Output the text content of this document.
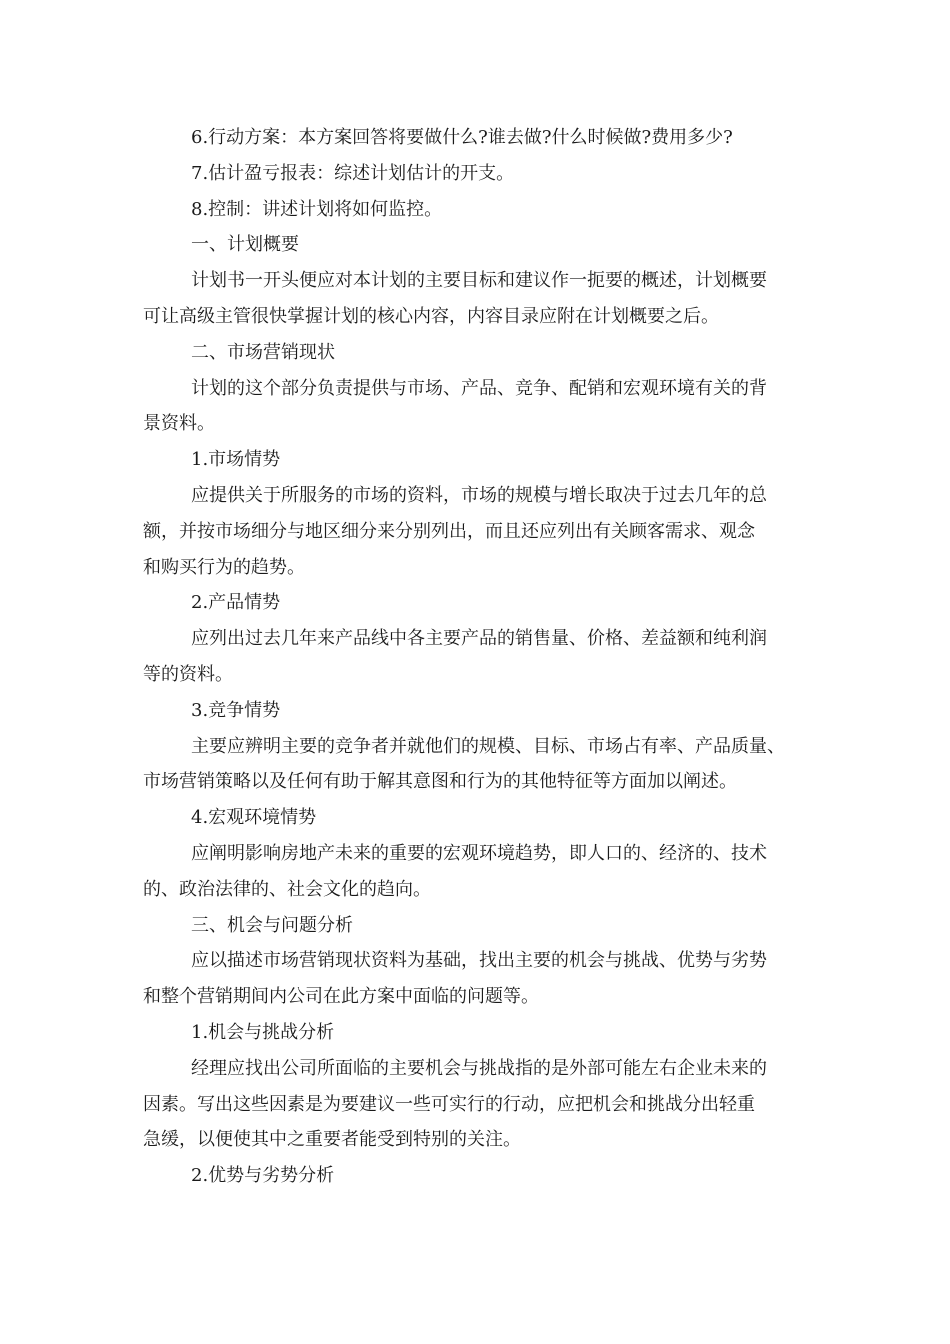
6.行动方案：本方案回答将要做什么?谁去做?什么时候做?费用多少?
7.估计盈亏报表：综述计划估计的开支。
8.控制：讲述计划将如何监控。
一、计划概要
计划书一开头便应对本计划的主要目标和建议作一扼要的概述，计划概要
可让高级主管很快掌握计划的核心内容，内容目录应附在计划概要之后。
二、市场营销现状
计划的这个部分负责提供与市场、产品、竞争、配销和宏观环境有关的背
景资料。
1.市场情势
应提供关于所服务的市场的资料，市场的规模与增长取决于过去几年的总
额，并按市场细分与地区细分来分别列出，而且还应列出有关顾客需求、观念
和购买行为的趋势。
2.产品情势
应列出过去几年来产品线中各主要产品的销售量、价格、差益额和纯利润
等的资料。
3.竞争情势
主要应辨明主要的竞争者并就他们的规模、目标、市场占有率、产品质量、
市场营销策略以及任何有助于解其意图和行为的其他特征等方面加以阐述。
4.宏观环境情势
应阐明影响房地产未来的重要的宏观环境趋势，即人口的、经济的、技术
的、政治法律的、社会文化的趋向。
三、机会与问题分析
应以描述市场营销现状资料为基础，找出主要的机会与挑战、优势与劣势
和整个营销期间内公司在此方案中面临的问题等。
1.机会与挑战分析
经理应找出公司所面临的主要机会与挑战指的是外部可能左右企业未来的
因素。写出这些因素是为要建议一些可实行的行动，应把机会和挑战分出轻重
急缓，以便使其中之重要者能受到特别的关注。
2.优势与劣势分析
